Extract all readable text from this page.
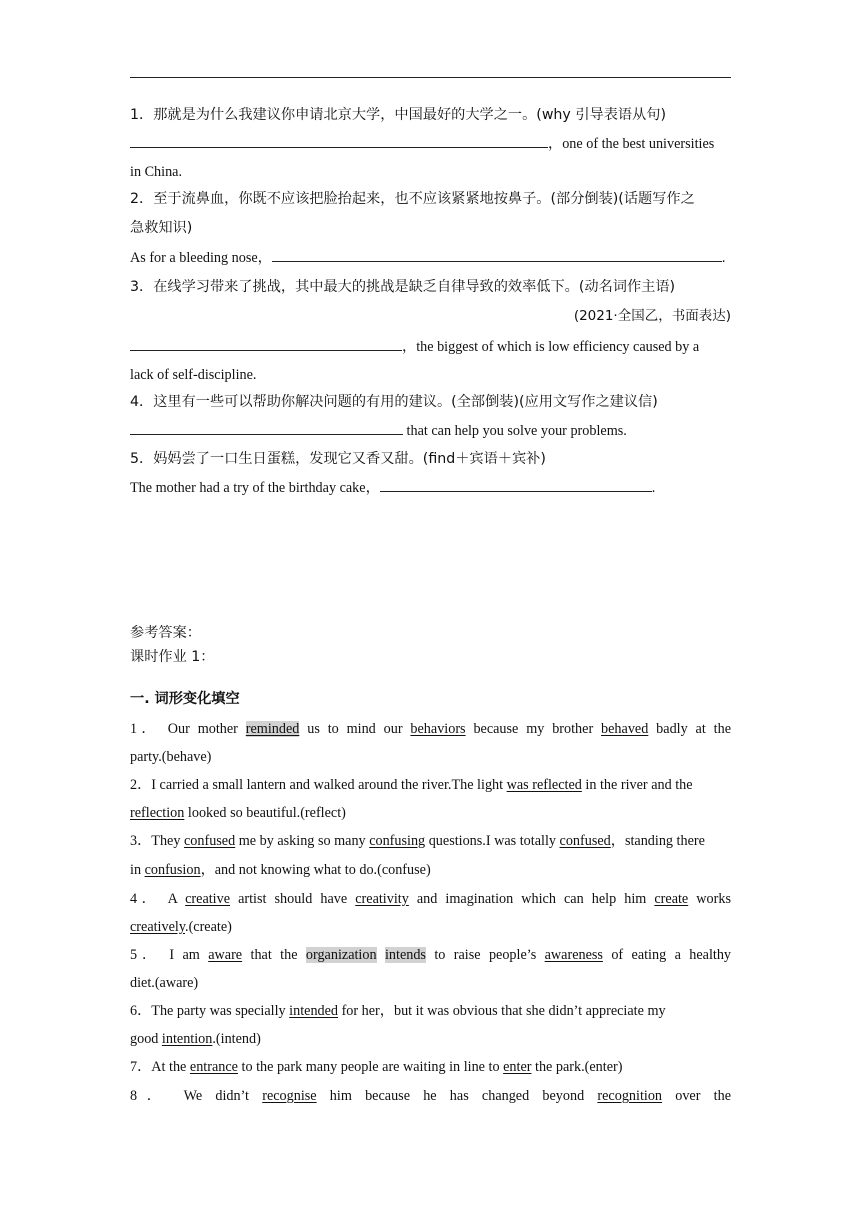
1．那就是为什么我建议你申请北京大学，中国最好的大学之一。(why 引导表语从句)
，one of the best universities
in China.
2．至于流鼻血，你既不应该把脸抬起来，也不应该紧紧地按鼻子。(部分倒装)(话题写作之
急救知识)
As for a bleeding nose，	.
3．在线学习带来了挑战，其中最大的挑战是缺乏自律导致的效率低下。(动名词作主语)
(2021·全国乙，书面表达)
，the biggest of which is low efficiency caused by a
lack of self-discipline.
4．这里有一些可以帮助你解决问题的有用的建议。(全部倒装)(应用文写作之建议信)
that can help you solve your problems.
5．妈妈尝了一口生日蛋糕，发现它又香又甜。(find＋宾语＋宾补)
The mother had a try of the birthday cake，	.
参考答案：
课时作业 1：
一. 词形变化填空
1． Our mother reminded us to mind our behaviors because my brother behaved badly at the
party.(behave)
2．I carried a small lantern and walked around the river.The light was reflected in the river and the
reflection looked so beautiful.(reflect)
3．They confused me by asking so many confusing questions.I was totally confused，standing there
in confusion，and not knowing what to do.(confuse)
4． A creative artist should have creativity and imagination which can help him create works
creatively.(create)
5． I am aware that the organization intends to raise people’s awareness of eating a healthy
diet.(aware)
6．The party was specially intended for her，but it was obvious that she didn’t appreciate my
good intention.(intend)
7．At the entrance to the park many people are waiting in line to enter the park.(enter)
8． We didn’t recognise him because he has changed beyond recognition over the
